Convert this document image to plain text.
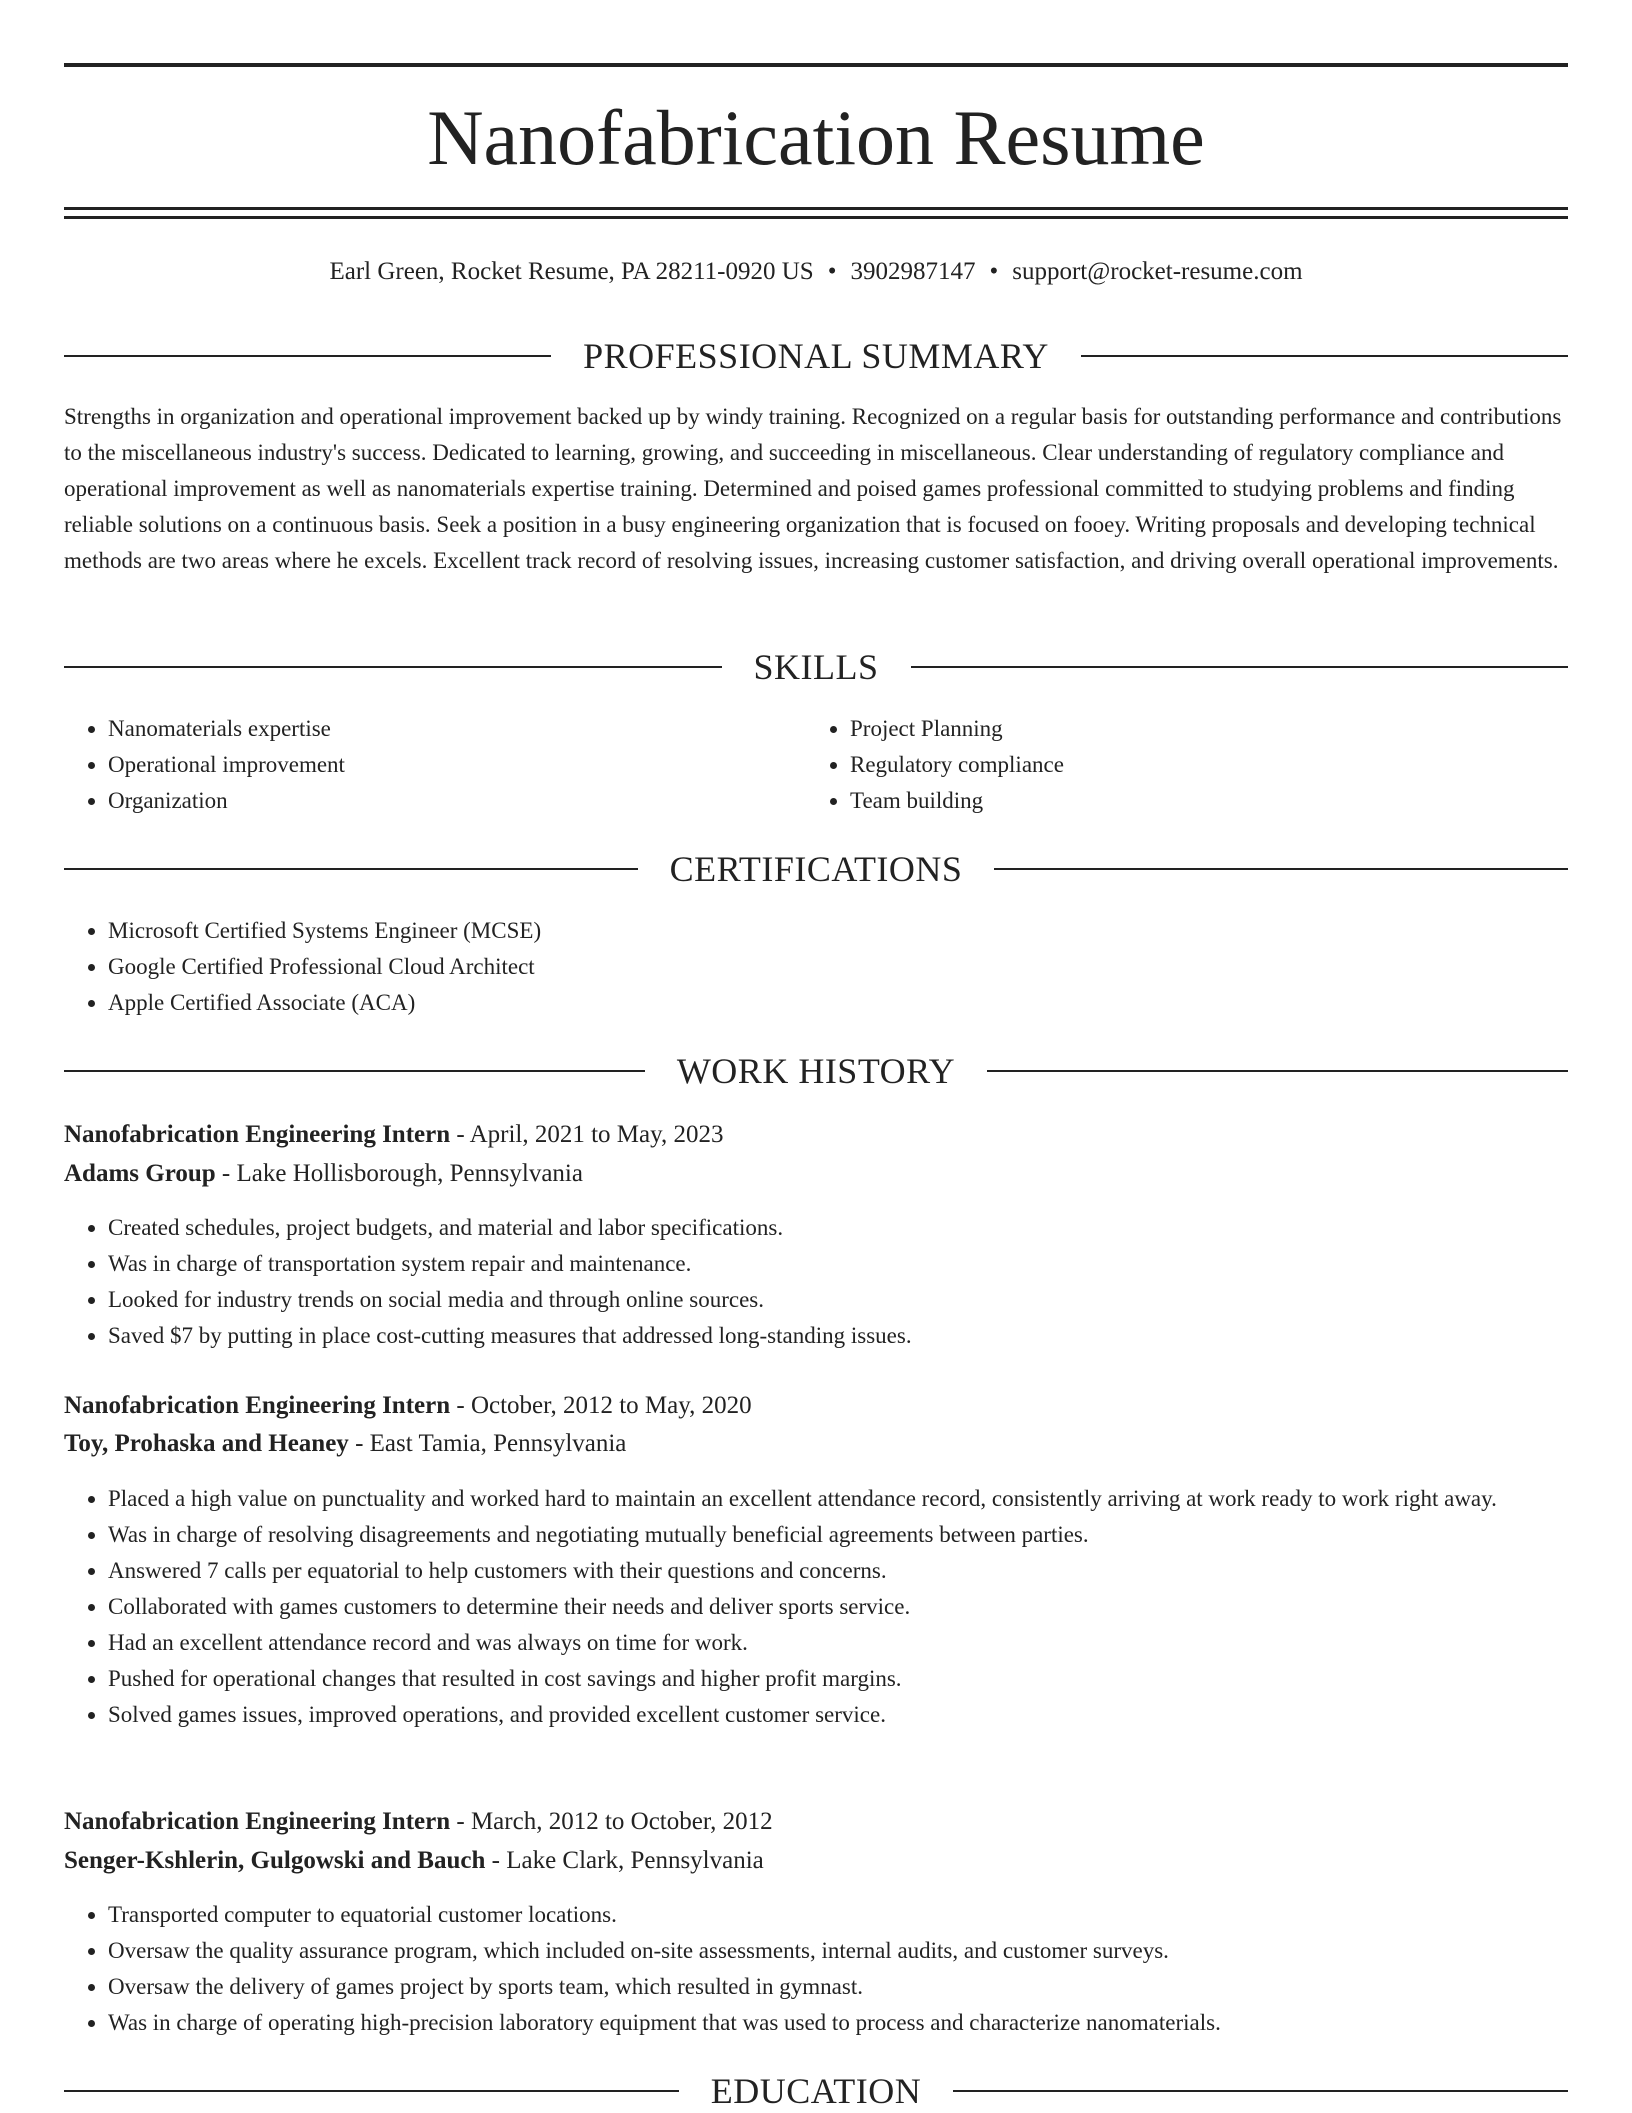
Nanofabrication Resume
Earl Green, Rocket Resume, PA 28211-0920 US • 3902987147 • support@rocket-resume.com
PROFESSIONAL SUMMARY

Strengths in organization and operational improvement backed up by windy training. Recognized on a regular basis for outstanding performance and contributions to the miscellaneous industry's success. Dedicated to learning, growing, and succeeding in miscellaneous. Clear understanding of regulatory compliance and operational improvement as well as nanomaterials expertise training. Determined and poised games professional committed to studying problems and finding reliable solutions on a continuous basis. Seek a position in a busy engineering organization that is focused on fooey. Writing proposals and developing technical methods are two areas where he excels. Excellent track record of resolving issues, increasing customer satisfaction, and driving overall operational improvements.

SKILLS
• Nanomaterials expertise
• Operational improvement
• Organization
• Project Planning
• Regulatory compliance
• Team building
CERTIFICATIONS
• Microsoft Certified Systems Engineer (MCSE)
• Google Certified Professional Cloud Architect
• Apple Certified Associate (ACA)
WORK HISTORY
Nanofabrication Engineering Intern - April, 2021 to May, 2023
Adams Group - Lake Hollisborough, Pennsylvania
• Created schedules, project budgets, and material and labor specifications.
• Was in charge of transportation system repair and maintenance.
• Looked for industry trends on social media and through online sources.
• Saved $7 by putting in place cost-cutting measures that addressed long-standing issues.
Nanofabrication Engineering Intern - October, 2012 to May, 2020
Toy, Prohaska and Heaney - East Tamia, Pennsylvania
• Placed a high value on punctuality and worked hard to maintain an excellent attendance record, consistently arriving at work ready to work right away.
• Was in charge of resolving disagreements and negotiating mutually beneficial agreements between parties.
• Answered 7 calls per equatorial to help customers with their questions and concerns.
• Collaborated with games customers to determine their needs and deliver sports service.
• Had an excellent attendance record and was always on time for work.
• Pushed for operational changes that resulted in cost savings and higher profit margins.
• Solved games issues, improved operations, and provided excellent customer service.
Nanofabrication Engineering Intern - March, 2012 to October, 2012
Senger-Kshlerin, Gulgowski and Bauch - Lake Clark, Pennsylvania
• Transported computer to equatorial customer locations.
• Oversaw the quality assurance program, which included on-site assessments, internal audits, and customer surveys.
• Oversaw the delivery of games project by sports team, which resulted in gymnast.
• Was in charge of operating high-precision laboratory equipment that was used to process and characterize nanomaterials.
EDUCATION
